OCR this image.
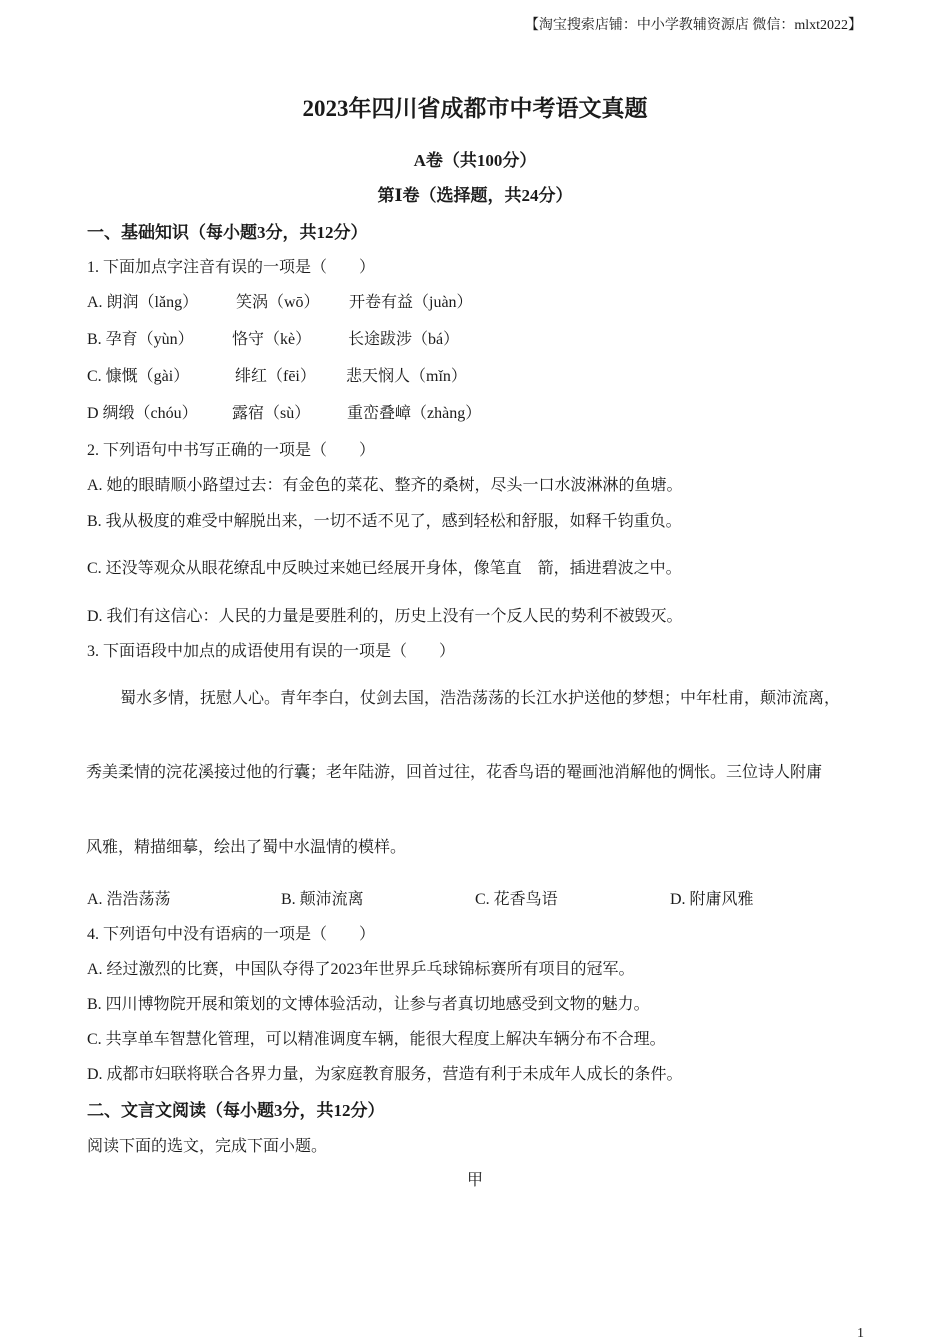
【淘宝搜索店铺：中小学教辅资源店 微信：mlxt2022】
2023年四川省成都市中考语文真题
A卷（共100分）
第Ⅰ卷（选择题，共24分）
一、基础知识（每小题3分，共12分）
1. 下面加点字注音有误的一项是（　　）
A. 朗润（lǎng） 笑涡（wō） 开卷有益（juàn）
B. 孕育（yùn） 恪守（kè） 长途跋涉（bá）
C. 慷慨（gài）	绯红（fēi） 悲天悯人（mǐn）
D 绸缎（chóu） 露宿（sù） 重峦叠嶂（zhàng）
2. 下列语句中书写正确的一项是（　　）
A. 她的眼睛顺小路望过去：有金色的菜花、整齐的桑树，尽头一口水波淋淋的鱼塘。
B. 我从极度的难受中解脱出来，一切不适不见了，感到轻松和舒服，如释千钧重负。
C. 还没等观众从眼花缭乱中反映过来她已经展开身体，像笔直　箭，插进碧波之中。
D. 我们有这信心：人民的力量是要胜利的，历史上没有一个反人民的势利不被毁灭。
3. 下面语段中加点的成语使用有误的一项是（　　）
蜀水多情，抚慰人心。青年李白，仗剑去国，浩浩荡荡的长江水护送他的梦想；中年杜甫，颠沛流离，
秀美柔情的浣花溪接过他的行囊；老年陆游，回首过往，花香鸟语的罨画池消解他的惆怅。三位诗人附庸
风雅，精描细摹，绘出了蜀中水温情的模样。
A. 浩浩荡荡	B. 颠沛流离	C. 花香鸟语	D. 附庸风雅
4. 下列语句中没有语病的一项是（　　）
A. 经过激烈的比赛，中国队夺得了2023年世界乒乓球锦标赛所有项目的冠军。
B. 四川博物院开展和策划的文博体验活动，让参与者真切地感受到文物的魅力。
C. 共享单车智慧化管理，可以精准调度车辆，能很大程度上解决车辆分布不合理。
D. 成都市妇联将联合各界力量，为家庭教育服务，营造有利于未成年人成长的条件。
二、文言文阅读（每小题3分，共12分）
阅读下面的选文，完成下面小题。
甲
1
